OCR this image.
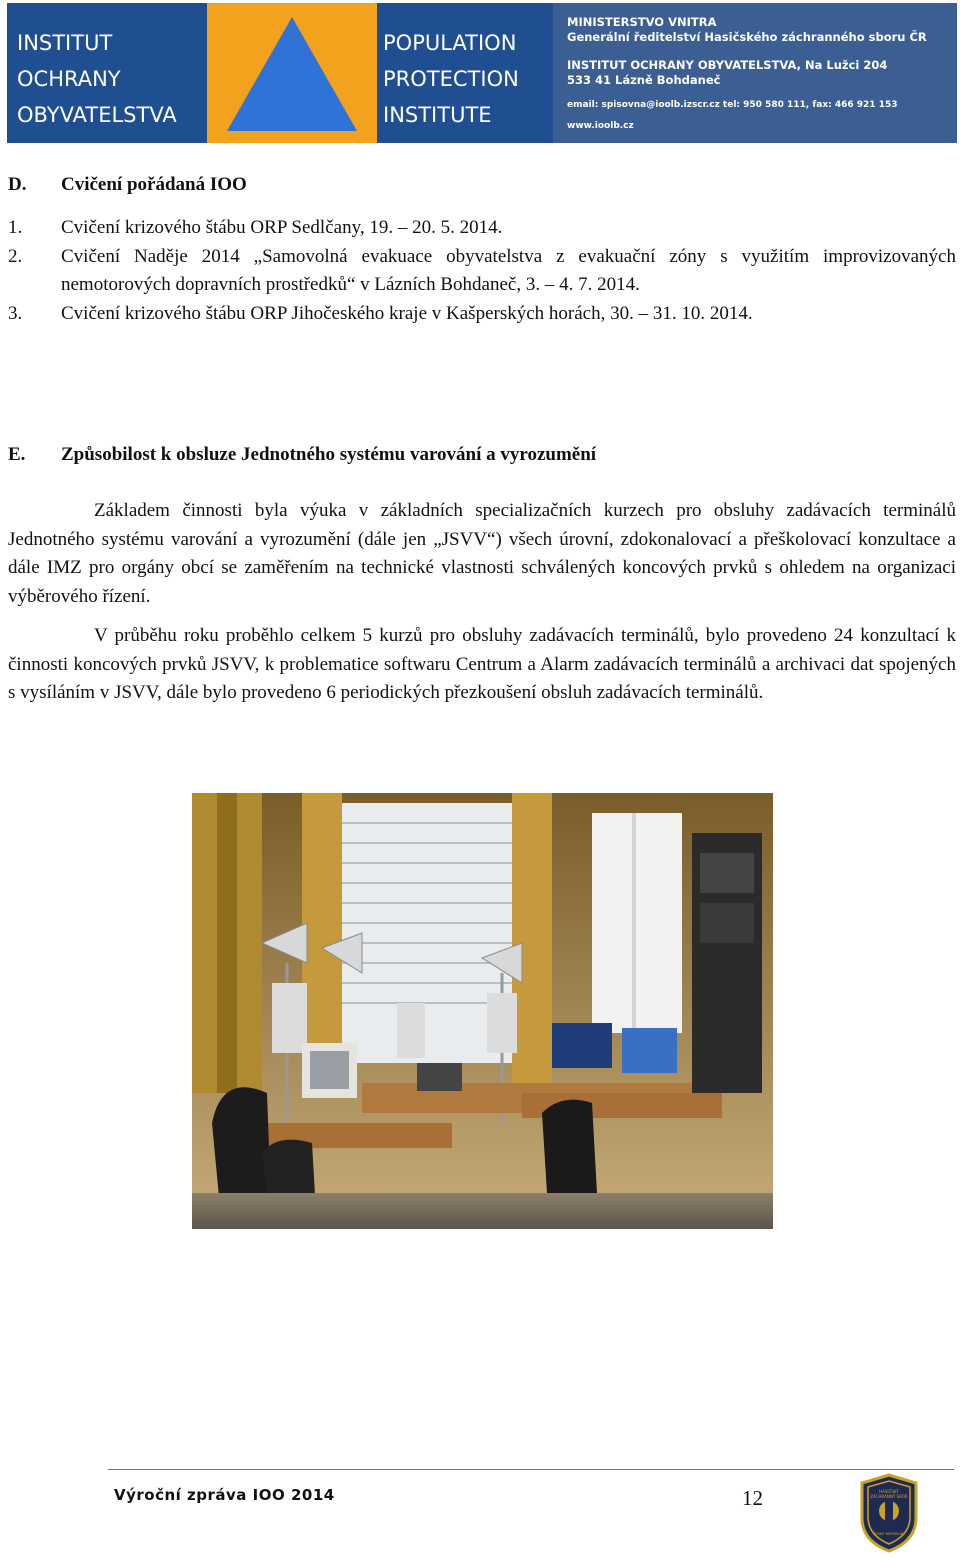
INSTITUT
OCHRANY
OBYVATELSTVA
POPULATION
PROTECTION
INSTITUTE
MINISTERSTVO VNITRA
Generální ředitelství Hasičského záchranného sboru ČR
INSTITUT OCHRANY OBYVATELSTVA, Na Lužci 204
533 41 Lázně Bohdaneč
email: spisovna@ioolb.izscr.cz tel: 950 580 111, fax: 466 921 153
www.ioolb.cz
D. Cvičení pořádaná IOO
1.	Cvičení krizového štábu ORP Sedlčany, 19. – 20. 5. 2014.
2.	Cvičení Naděje 2014 „Samovolná evakuace obyvatelstva z evakuační zóny s využitím improvizovaných nemotorových dopravních prostředků“ v Lázních Bohdaneč, 3. – 4. 7. 2014.
3.	Cvičení krizového štábu ORP Jihočeského kraje v Kašperských horách, 30. – 31. 10. 2014.
E. Způsobilost k obsluze Jednotného systému varování a vyrozumění
Základem činnosti byla výuka v základních specializačních kurzech pro obsluhy zadávacích terminálů Jednotného systému varování a vyrozumění (dále jen „JSVV“) všech úrovní, zdokonalovací a přeškolovací konzultace a dále IMZ pro orgány obcí se zaměřením na technické vlastnosti schválených koncových prvků s ohledem na organizaci výběrového řízení.
V průběhu roku proběhlo celkem 5 kurzů pro obsluhy zadávacích terminálů, bylo provedeno 24 konzultací k činnosti koncových prvků JSVV, k problematice softwaru Centrum a Alarm zadávacích terminálů a archivaci dat spojených s vysíláním v JSVV, dále bylo provedeno 6 periodických přezkoušení obsluh zadávacích terminálů.
Výroční zpráva IOO 2014	12	HASIČSKÝ
ZÁCHRANNÝ SBOR
ČESKÉ REPUBLIKY
